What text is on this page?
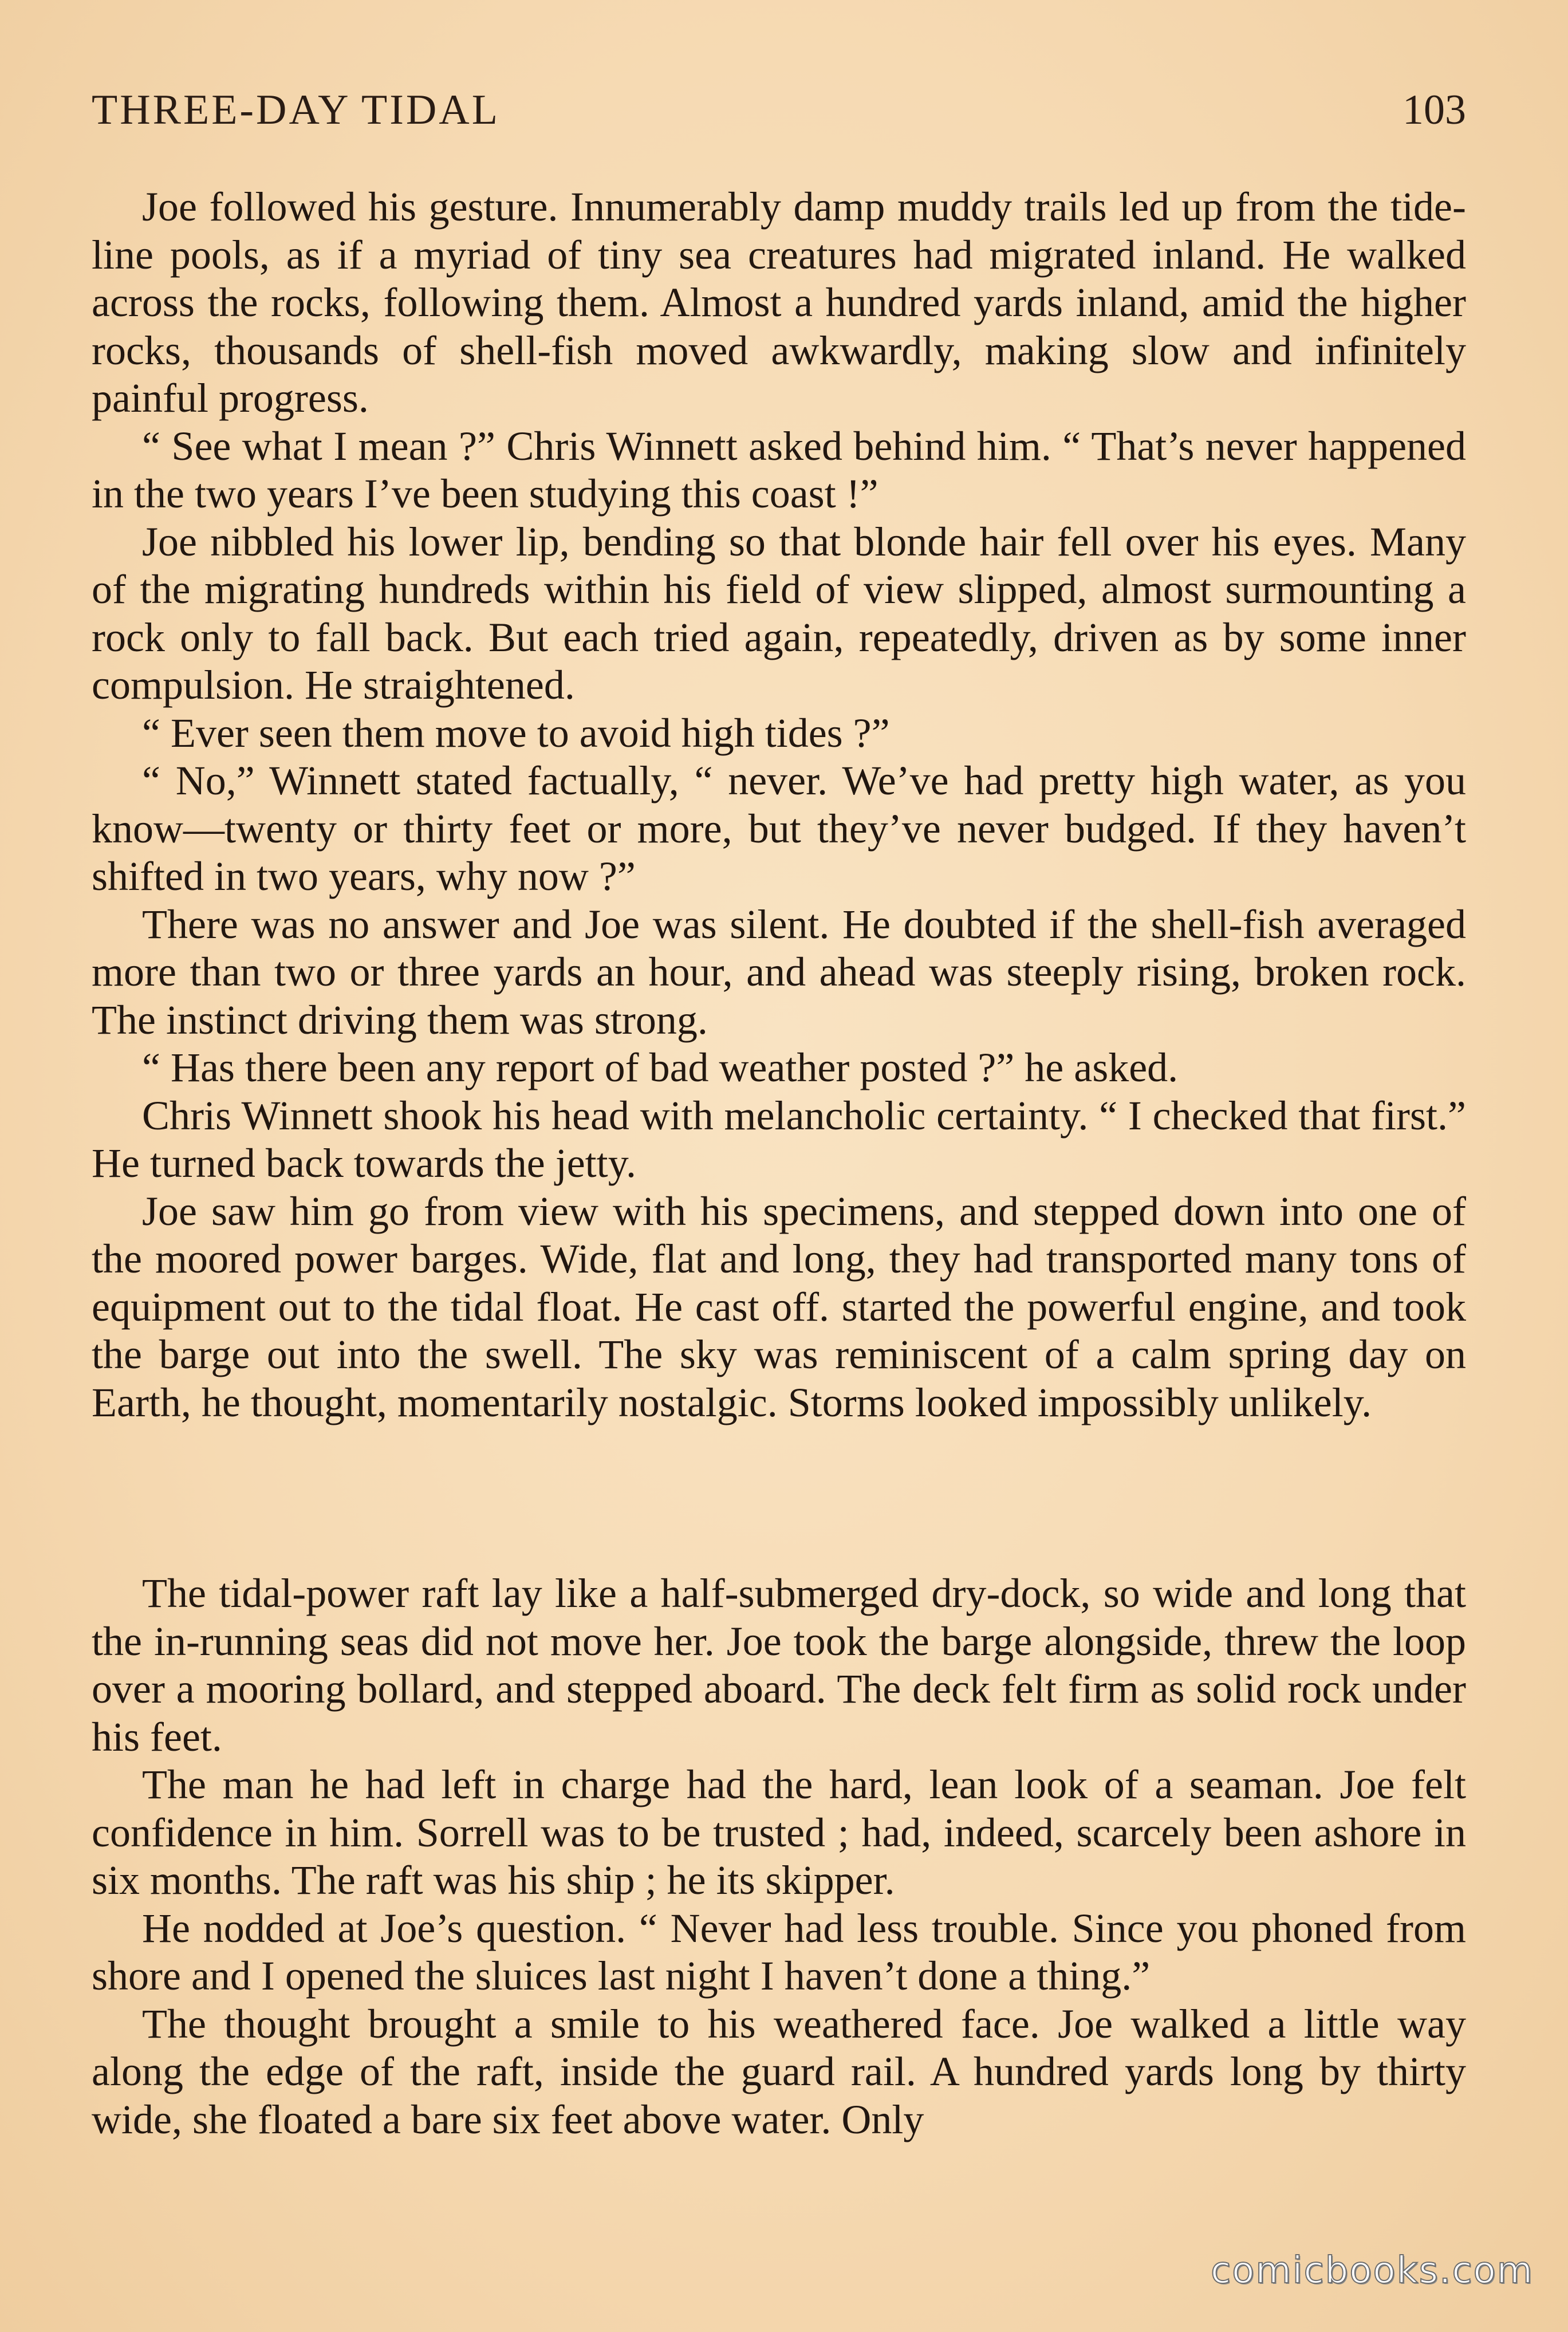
THREE-DAY TIDAL	103

Joe followed his gesture. Innumerably damp muddy trails led up from the tide-line pools, as if a myriad of tiny sea creatures had migrated inland. He walked across the rocks, following them. Almost a hundred yards inland, amid the higher rocks, thousands of shell-fish moved awkwardly, making slow and infinitely painful progress.

“ See what I mean ?” Chris Winnett asked behind him. “ That’s never happened in the two years I’ve been studying this coast !”

Joe nibbled his lower lip, bending so that blonde hair fell over his eyes. Many of the migrating hundreds within his field of view slipped, almost surmounting a rock only to fall back. But each tried again, repeatedly, driven as by some inner compulsion. He straightened.

“ Ever seen them move to avoid high tides ?”

“ No,” Winnett stated factually, “ never. We’ve had pretty high water, as you know—twenty or thirty feet or more, but they’ve never budged. If they haven’t shifted in two years, why now ?”

There was no answer and Joe was silent. He doubted if the shell-fish averaged more than two or three yards an hour, and ahead was steeply rising, broken rock. The instinct driving them was strong.

“ Has there been any report of bad weather posted ?” he asked.

Chris Winnett shook his head with melancholic certainty. “ I checked that first.” He turned back towards the jetty.

Joe saw him go from view with his specimens, and stepped down into one of the moored power barges. Wide, flat and long, they had transported many tons of equipment out to the tidal float. He cast off. started the powerful engine, and took the barge out into the swell. The sky was reminiscent of a calm spring day on Earth, he thought, momentarily nostalgic. Storms looked impossibly unlikely.

The tidal-power raft lay like a half-submerged dry-dock, so wide and long that the in-running seas did not move her. Joe took the barge alongside, threw the loop over a mooring bollard, and stepped aboard. The deck felt firm as solid rock under his feet.

The man he had left in charge had the hard, lean look of a seaman. Joe felt confidence in him. Sorrell was to be trusted ; had, indeed, scarcely been ashore in six months. The raft was his ship ; he its skipper.

He nodded at Joe’s question. “ Never had less trouble. Since you phoned from shore and I opened the sluices last night I haven’t done a thing.”

The thought brought a smile to his weathered face. Joe walked a little way along the edge of the raft, inside the guard rail. A hundred yards long by thirty wide, she floated a bare six feet above water. Only

comicbooks.com
